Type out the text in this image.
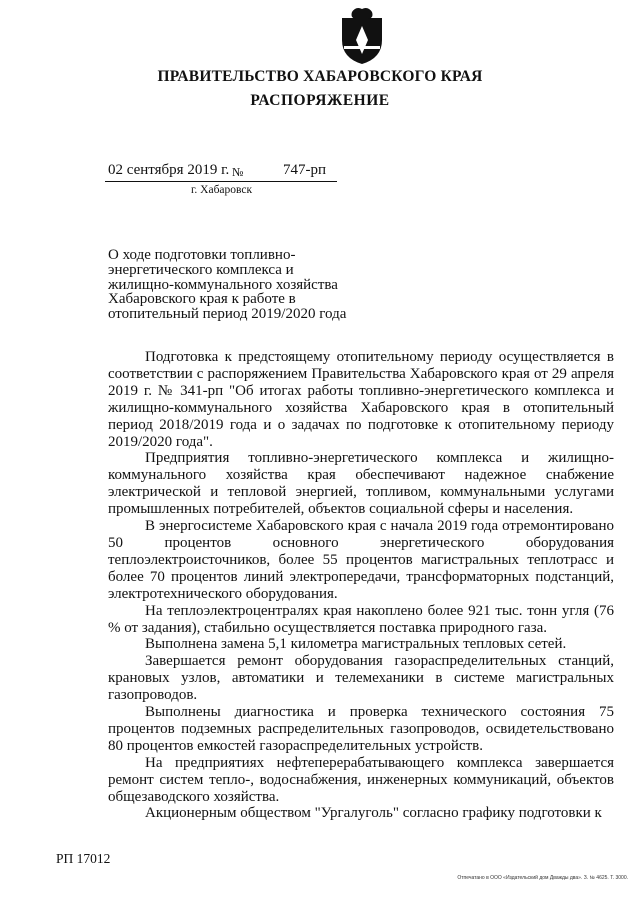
ПРАВИТЕЛЬСТВО ХАБАРОВСКОГО КРАЯ
РАСПОРЯЖЕНИЕ
02 сентября 2019 г. №	747-рп
г. Хабаровск
О ходе подготовки топливно-энергетического комплекса и жилищно-коммунального хозяйства Хабаровского края к работе в отопительный период 2019/2020 года

Подготовка к предстоящему отопительному периоду осуществляется в соответствии с распоряжением Правительства Хабаровского края от 29 апреля 2019 г. № 341-рп "Об итогах работы топливно-энергетического комплекса и жилищно-коммунального хозяйства Хабаровского края в отопительный период 2018/2019 года и о задачах по подготовке к отопительному периоду 2019/2020 года".

Предприятия топливно-энергетического комплекса и жилищно-коммунального хозяйства края обеспечивают надежное снабжение электрической и тепловой энергией, топливом, коммунальными услугами промышленных потребителей, объектов социальной сферы и населения.

В энергосистеме Хабаровского края с начала 2019 года отремонтировано 50 процентов основного энергетического оборудования теплоэлектроисточников, более 55 процентов магистральных теплотрасс и более 70 процентов линий электропередачи, трансформаторных подстанций, электротехнического оборудования.

На теплоэлектроцентралях края накоплено более 921 тыс. тонн угля (76 % от задания), стабильно осуществляется поставка природного газа.

Выполнена замена 5,1 километра магистральных тепловых сетей.

Завершается ремонт оборудования газораспределительных станций, крановых узлов, автоматики и телемеханики в системе магистральных газопроводов.

Выполнены диагностика и проверка технического состояния 75 процентов подземных распределительных газопроводов, освидетельствовано 80 процентов емкостей газораспределительных устройств.

На предприятиях нефтеперерабатывающего комплекса завершается ремонт систем тепло-, водоснабжения, инженерных коммуникаций, объектов общезаводского хозяйства.

Акционерным обществом "Ургалуголь" согласно графику подготовки к

РП 17012
Отпечатано в ООО «Издательский дом Дважды два». З. № 4625. Т. 3000.
